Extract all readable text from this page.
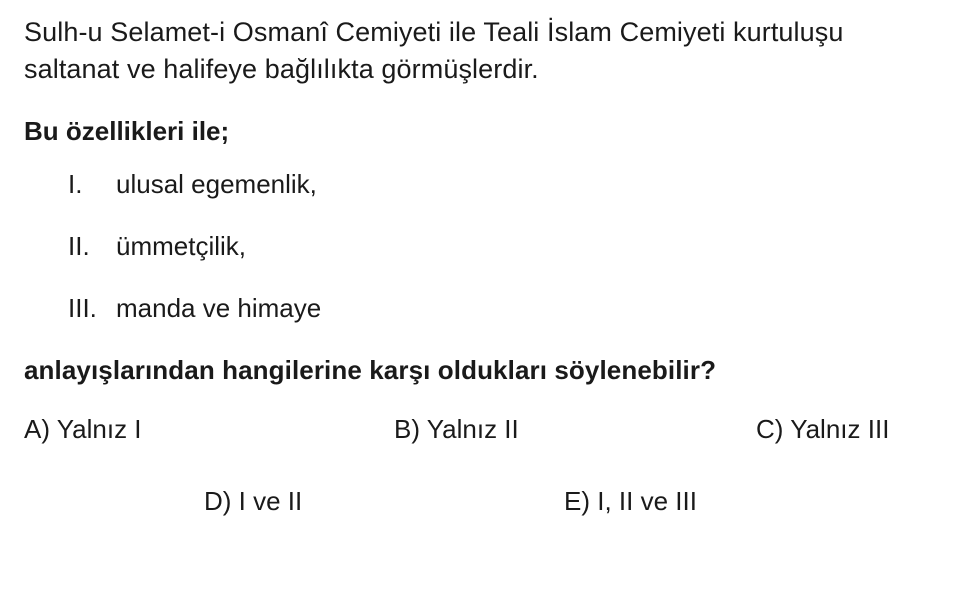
Sulh-u Selamet-i Osmanî Cemiyeti ile Teali İslam Cemiyeti kurtuluşu saltanat ve halifeye bağlılıkta görmüşlerdir.

Bu özellikleri ile;

I.	ulusal egemenlik,
II.	ümmetçilik,
III. manda ve himaye

anlayışlarından hangilerine karşı oldukları söylenebilir?

A) Yalnız I	B) Yalnız II	C) Yalnız III
D) I ve II	E) I, II ve III
